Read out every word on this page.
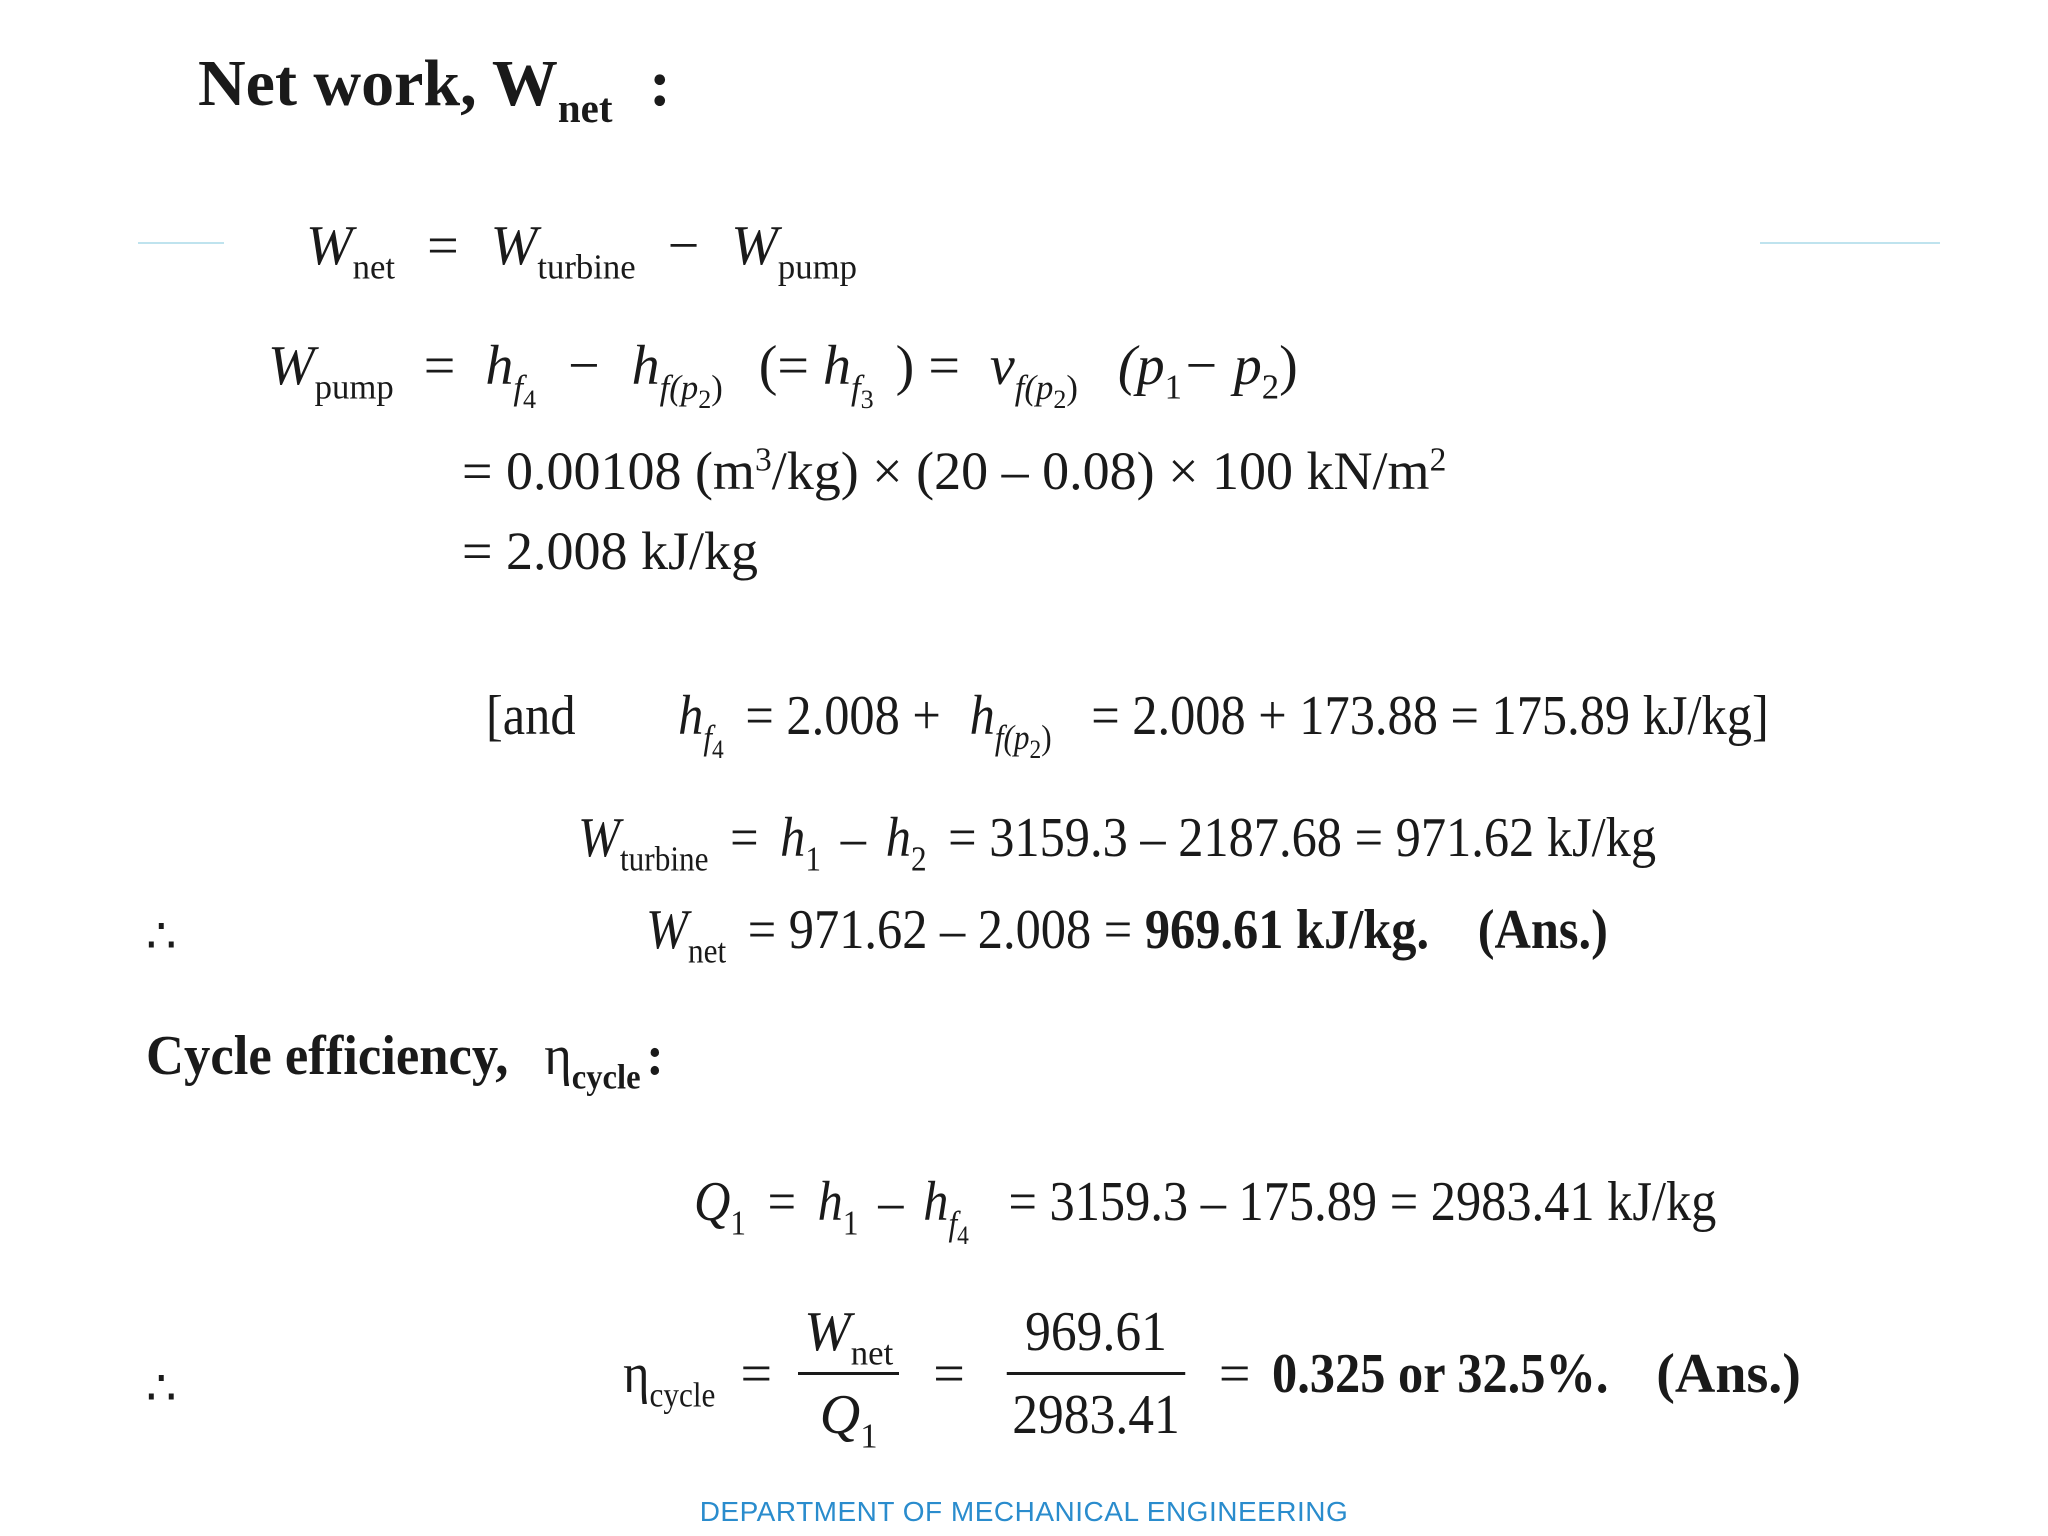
Net work, $W_{net}$ :
$W_{net} = W_{turbine} - W_{pump}$
$W_{pump} = h_{f_4} - h_{f(p_2)}$ (= $h_{f_3}$ ) = $v_{f(p_2)}$ $(p_1- p_2)$
= 0.00108 $(m^3/kg) \times (20 - 0.08) \times 100$ $kN/m^2$
= 2.008 kJ/kg
[and $h_{f_4} = 2.008 + h_{f(p_2)} = 2.008 + 173.88 = 175.89$ kJ/kg]
$W_{turbine} = h_1 - h_2 = 3159.3 - 2187.68 = 971.62$ kJ/kg
∴	$W_{net} = 971.62 - 2.008 = 969.61$ kJ/kg. (Ans.)
Cycle efficiency, $\eta_{cycle}$ :
$Q_1 = h_1 - h_{f_4} = 3159.3 - 175.89 = 2983.41$ kJ/kg
∴	$\eta_{cycle} = \frac{W_{net}}{Q_1} = \frac{969.61}{2983.41} = 0.325$ or 32.5%. (Ans.)
DEPARTMENT OF MECHANICAL ENGINEERING
